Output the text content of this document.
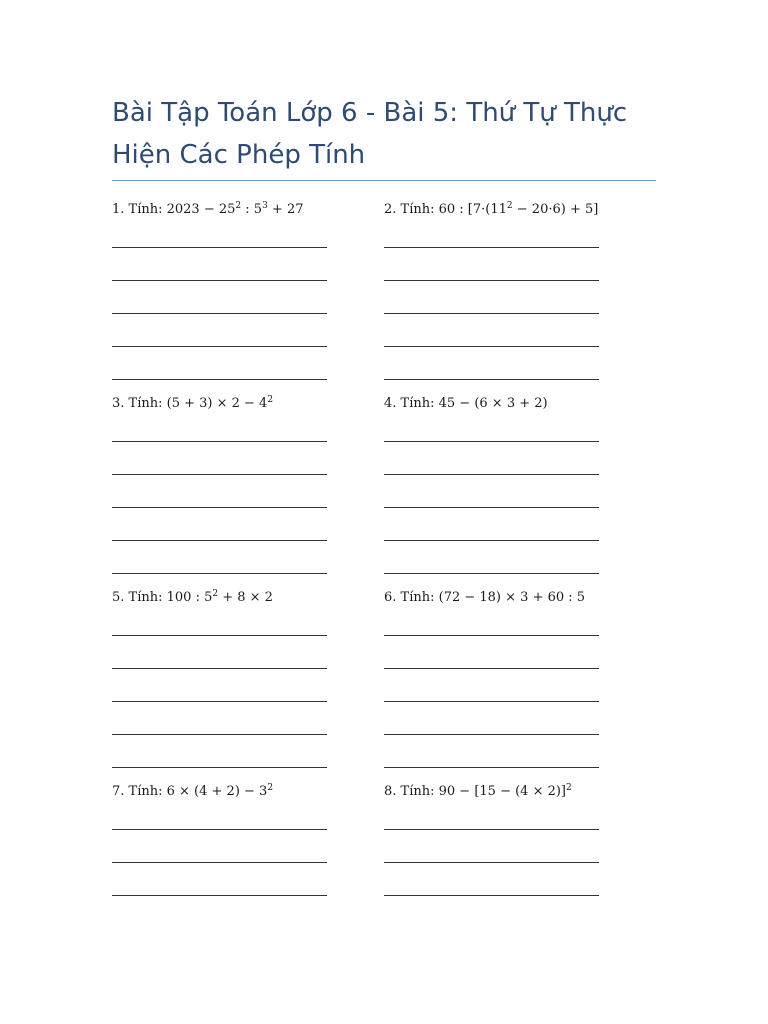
Bài Tập Toán Lớp 6 - Bài 5: Thứ Tự Thực Hiện Các Phép Tính
1. Tính: $2023 - 25^2$ : $5^3 + 27$	2. Tính: 60 : $[7\cdot(11^2 - 20\cdot 6) + 5]$
3. Tính: $(5 + 3) \times 2 - 4^2$	4. Tính: 45 − (6 × 3 + 2)
5. Tính: 100 : $5^2 + 8 \times 2$	6. Tính: (72 − 18) × 3 + 60 : 5
7. Tính: $6 \times (4 + 2) - 3^2$	8. Tính: $90 - [15 - (4 \times 2)]^2$
